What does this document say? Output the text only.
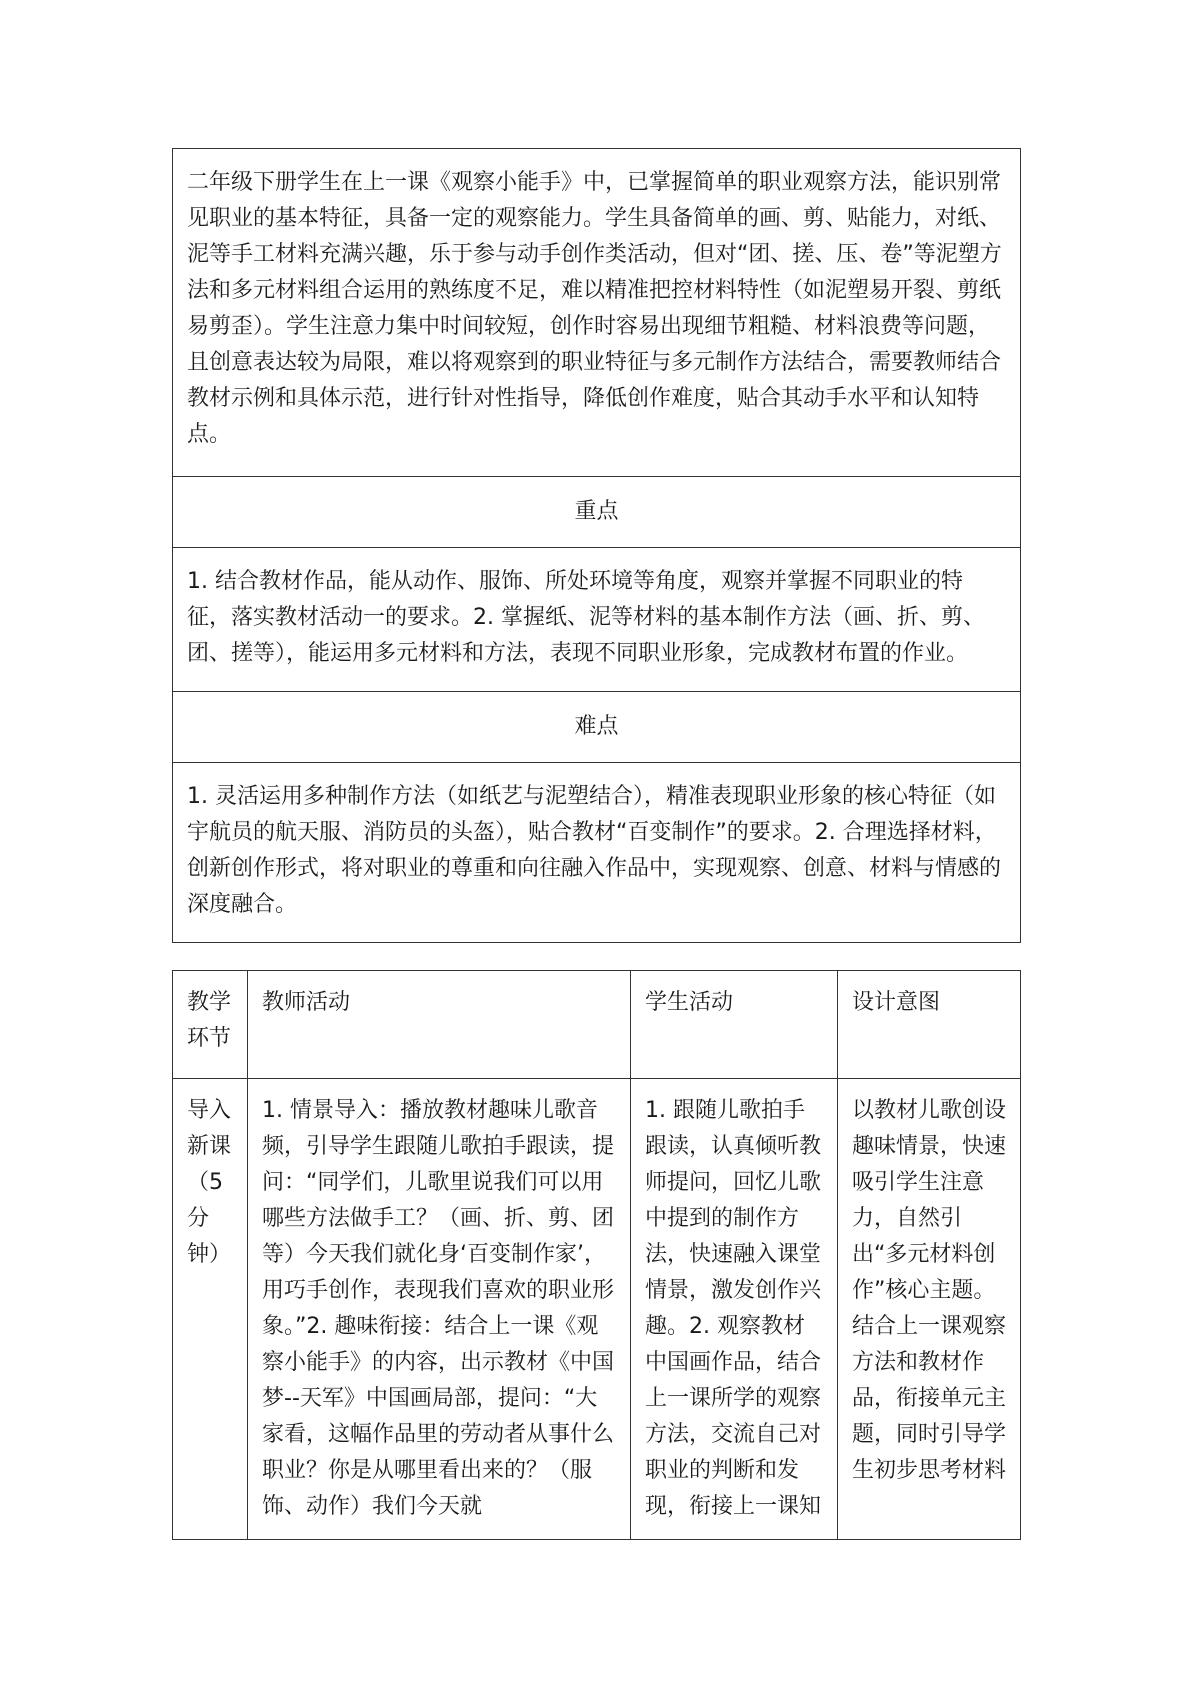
二年级下册学生在上一课《观察小能手》中，已掌握简单的职业观察方法，能识别常见职业的基本特征，具备一定的观察能力。学生具备简单的画、剪、贴能力，对纸、泥等手工材料充满兴趣，乐于参与动手创作类活动，但对“团、搓、压、卷”等泥塑方法和多元材料组合运用的熟练度不足，难以精准把控材料特性（如泥塑易开裂、剪纸易剪歪）。学生注意力集中时间较短，创作时容易出现细节粗糙、材料浪费等问题，且创意表达较为局限，难以将观察到的职业特征与多元制作方法结合，需要教师结合教材示例和具体示范，进行针对性指导，降低创作难度，贴合其动手水平和认知特点。
重点
1. 结合教材作品，能从动作、服饰、所处环境等角度，观察并掌握不同职业的特征，落实教材活动一的要求。2. 掌握纸、泥等材料的基本制作方法（画、折、剪、团、搓等），能运用多元材料和方法，表现不同职业形象，完成教材布置的作业。
难点
1. 灵活运用多种制作方法（如纸艺与泥塑结合），精准表现职业形象的核心特征（如宇航员的航天服、消防员的头盔），贴合教材“百变制作”的要求。2. 合理选择材料，创新创作形式，将对职业的尊重和向往融入作品中，实现观察、创意、材料与情感的深度融合。
教学环节	教师活动	学生活动	设计意图

导入新课（5分钟）	1. 情景导入：播放教材趣味儿歌音频，引导学生跟随儿歌拍手跟读，提问：“同学们，儿歌里说我们可以用哪些方法做手工？（画、折、剪、团等）今天我们就化身‘百变制作家’，用巧手创作，表现我们喜欢的职业形象。”2. 趣味衔接：结合上一课《观察小能手》的内容，出示教材《中国梦--天军》中国画局部，提问：“大家看，这幅作品里的劳动者从事什么职业？你是从哪里看出来的？（服饰、动作）我们今天就	1. 跟随儿歌拍手跟读，认真倾听教师提问，回忆儿歌中提到的制作方法，快速融入课堂情景，激发创作兴趣。2. 观察教材中国画作品，结合上一课所学的观察方法，交流自己对职业的判断和发现，衔接上一课知	以教材儿歌创设趣味情景，快速吸引学生注意力，自然引出“多元材料创作”核心主题。结合上一课观察方法和教材作品，衔接单元主题，同时引导学生初步思考材料
